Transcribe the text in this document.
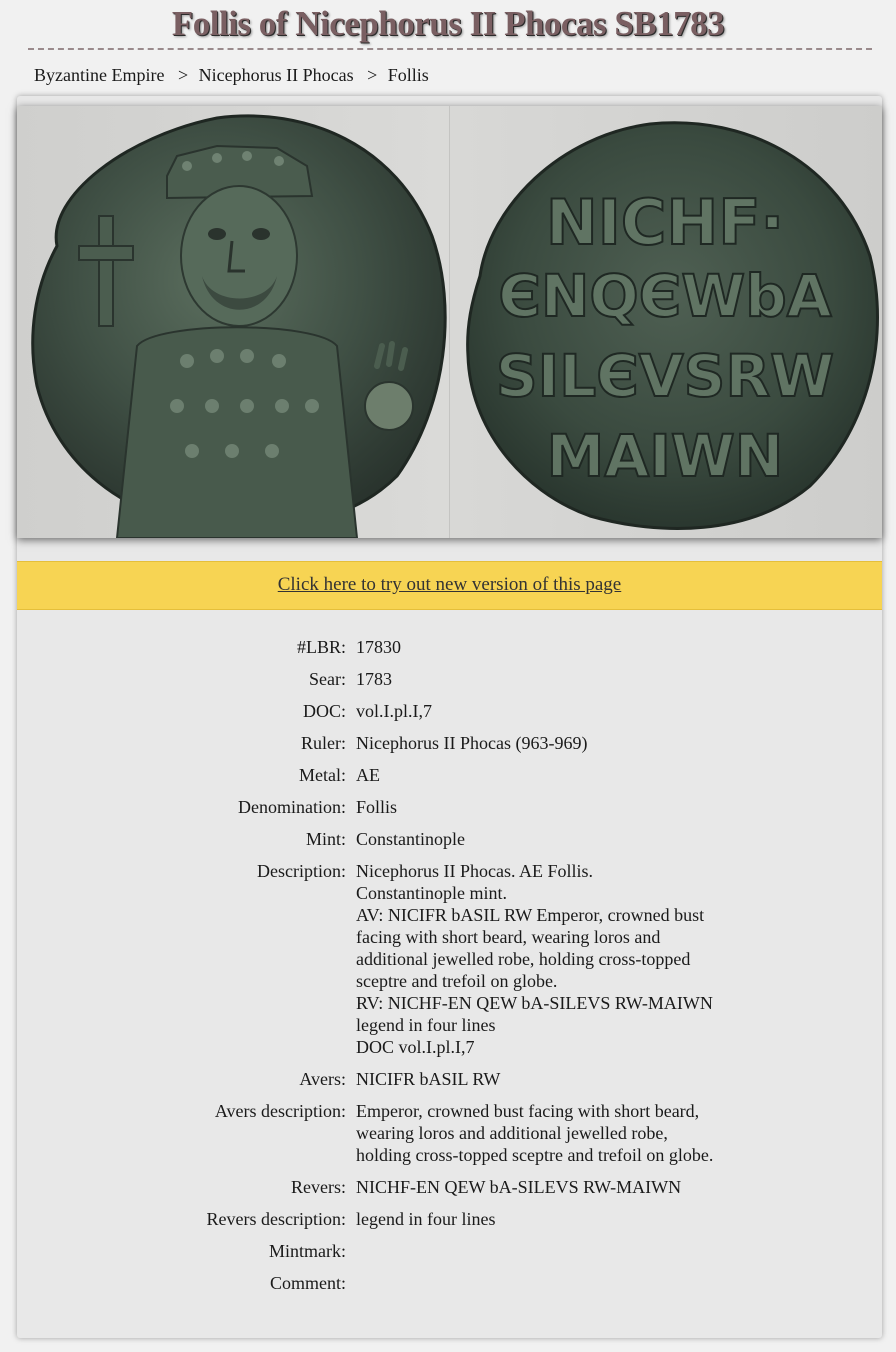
Follis of Nicephorus II Phocas SB1783
Byzantine Empire > Nicephorus II Phocas > Follis
NICHF·
ЄNQЄWbA
SILЄVSRW
MAIWN
Click here to try out new version of this page
#LBR: 17830
Sear: 1783
DOC: vol.I.pl.I,7
Ruler: Nicephorus II Phocas (963-969)
Metal: AE
Denomination: Follis
Mint: Constantinople
Description: Nicephorus II Phocas. AE Follis.
Constantinople mint.
AV: NICIFR bASIL RW Emperor, crowned bust facing with short beard, wearing loros and additional jewelled robe, holding cross-topped sceptre and trefoil on globe.
RV: NICHF-EN QEW bA-SILEVS RW-MAIWN legend in four lines
DOC vol.I.pl.I,7
Avers: NICIFR bASIL RW
Avers description: Emperor, crowned bust facing with short beard, wearing loros and additional jewelled robe, holding cross-topped sceptre and trefoil on globe.
Revers: NICHF-EN QEW bA-SILEVS RW-MAIWN
Revers description: legend in four lines
Mintmark:
Comment:
